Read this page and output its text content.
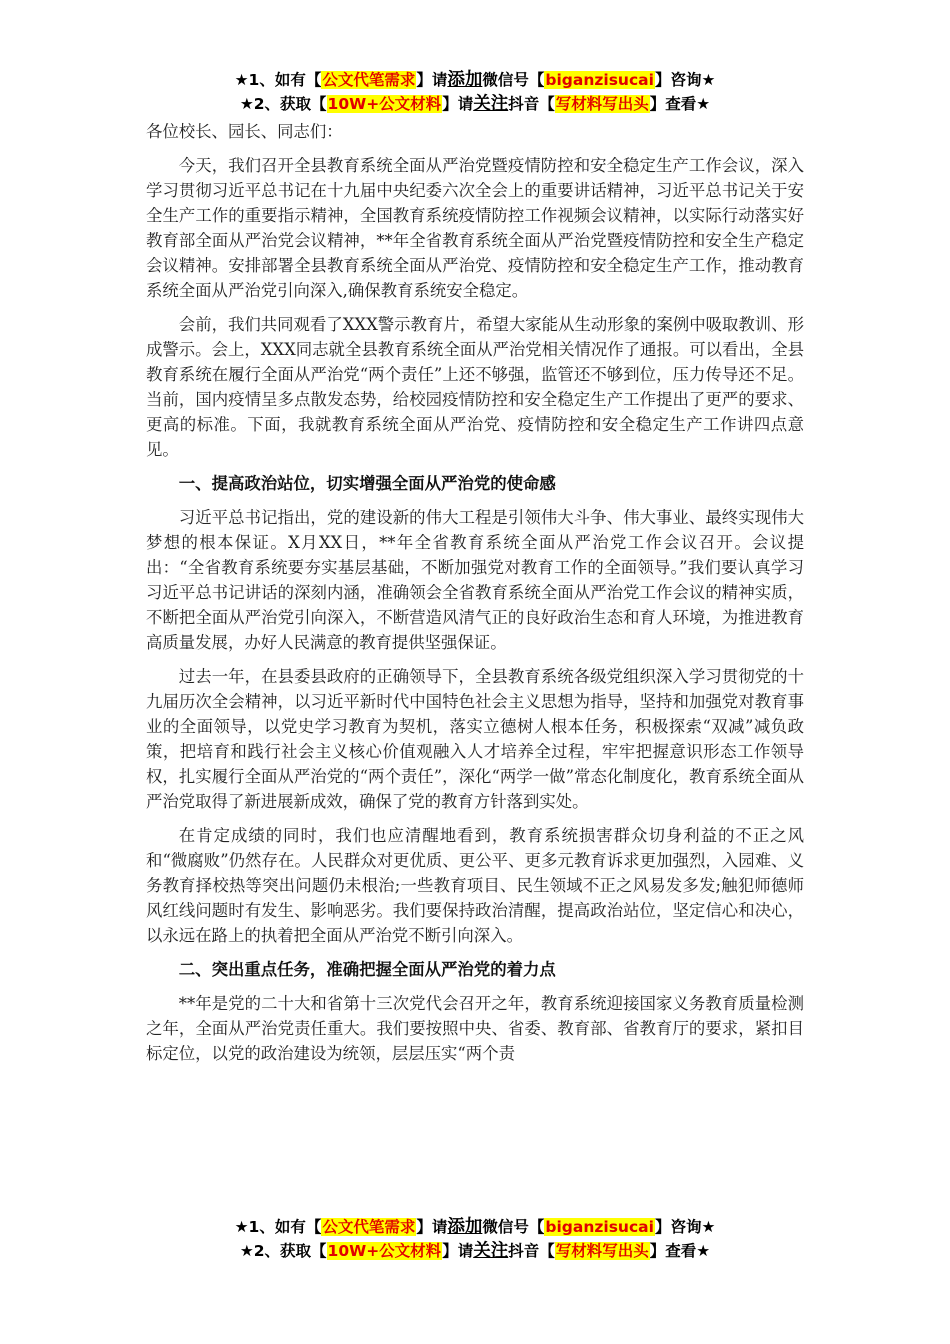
★1、如有【公文代笔需求】请添加微信号【biganzisucai】咨询★
★2、获取【10W+公文材料】请关注抖音【写材料写出头】查看★

各位校长、园长、同志们：

今天，我们召开全县教育系统全面从严治党暨疫情防控和安全稳定生产工作会议，深入学习贯彻习近平总书记在十九届中央纪委六次全会上的重要讲话精神，习近平总书记关于安全生产工作的重要指示精神，全国教育系统疫情防控工作视频会议精神，以实际行动落实好教育部全面从严治党会议精神，**年全省教育系统全面从严治党暨疫情防控和安全生产稳定会议精神。安排部署全县教育系统全面从严治党、疫情防控和安全稳定生产工作，推动教育系统全面从严治党引向深入,确保教育系统安全稳定。

会前，我们共同观看了XXX警示教育片，希望大家能从生动形象的案例中吸取教训、形成警示。会上，XXX同志就全县教育系统全面从严治党相关情况作了通报。可以看出，全县教育系统在履行全面从严治党“两个责任”上还不够强，监管还不够到位，压力传导还不足。当前，国内疫情呈多点散发态势，给校园疫情防控和安全稳定生产工作提出了更严的要求、更高的标准。下面，我就教育系统全面从严治党、疫情防控和安全稳定生产工作讲四点意见。

一、提高政治站位，切实增强全面从严治党的使命感

习近平总书记指出，党的建设新的伟大工程是引领伟大斗争、伟大事业、最终实现伟大梦想的根本保证。X月XX日，**年全省教育系统全面从严治党工作会议召开。会议提出：“全省教育系统要夯实基层基础，不断加强党对教育工作的全面领导。”我们要认真学习习近平总书记讲话的深刻内涵，准确领会全省教育系统全面从严治党工作会议的精神实质，不断把全面从严治党引向深入，不断营造风清气正的良好政治生态和育人环境，为推进教育高质量发展，办好人民满意的教育提供坚强保证。

过去一年，在县委县政府的正确领导下，全县教育系统各级党组织深入学习贯彻党的十九届历次全会精神，以习近平新时代中国特色社会主义思想为指导，坚持和加强党对教育事业的全面领导，以党史学习教育为契机，落实立德树人根本任务，积极探索“双减”减负政策，把培育和践行社会主义核心价值观融入人才培养全过程，牢牢把握意识形态工作领导权，扎实履行全面从严治党的“两个责任”，深化“两学一做”常态化制度化，教育系统全面从严治党取得了新进展新成效，确保了党的教育方针落到实处。

在肯定成绩的同时，我们也应清醒地看到，教育系统损害群众切身利益的不正之风和“微腐败”仍然存在。人民群众对更优质、更公平、更多元教育诉求更加强烈，入园难、义务教育择校热等突出问题仍未根治;一些教育项目、民生领域不正之风易发多发;触犯师德师风红线问题时有发生、影响恶劣。我们要保持政治清醒，提高政治站位，坚定信心和决心，以永远在路上的执着把全面从严治党不断引向深入。

二、突出重点任务，准确把握全面从严治党的着力点

**年是党的二十大和省第十三次党代会召开之年，教育系统迎接国家义务教育质量检测之年，全面从严治党责任重大。我们要按照中央、省委、教育部、省教育厅的要求，紧扣目标定位，以党的政治建设为统领，层层压实“两个责

★1、如有【公文代笔需求】请添加微信号【biganzisucai】咨询★
★2、获取【10W+公文材料】请关注抖音【写材料写出头】查看★
